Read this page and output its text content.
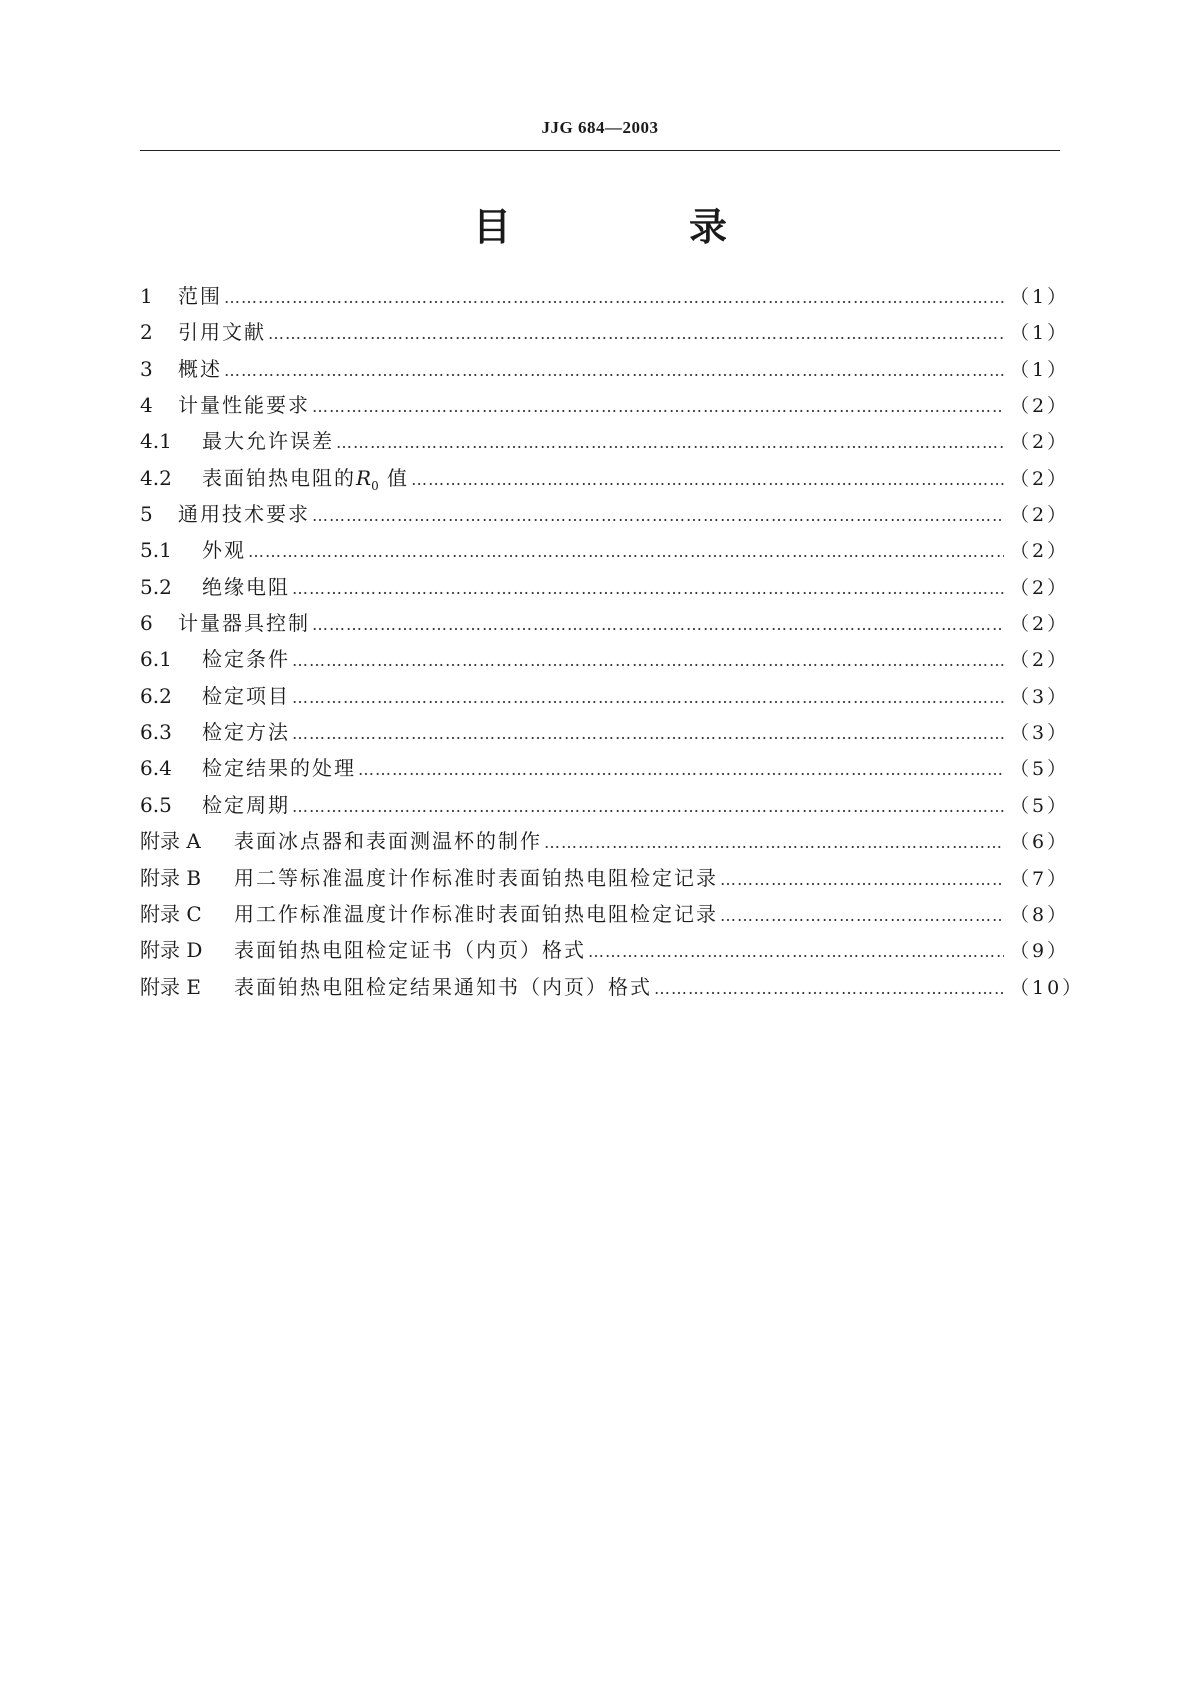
JJG 684—2003
目　录
1	范围 ………………………………………………………………………………………………………………………………………………………………………………………………………………………………………………	（1）
2	引用文献 ………………………………………………………………………………………………………………………………………………………………………………………………………………………………………………	（1）
3	概述 ………………………………………………………………………………………………………………………………………………………………………………………………………………………………………………	（1）
4	计量性能要求 ………………………………………………………………………………………………………………………………………………………………………………………………………………………………………………	（2）
4.1	最大允许误差 ………………………………………………………………………………………………………………………………………………………………………………………………………………………………………………	（2）
4.2	表面铂热电阻的$R_0$ 值 ………………………………………………………………………………………………………………………………………………………………………………………………………………………………………………	（2）
5	通用技术要求 ………………………………………………………………………………………………………………………………………………………………………………………………………………………………………………	（2）
5.1	外观 ………………………………………………………………………………………………………………………………………………………………………………………………………………………………………………	（2）
5.2	绝缘电阻 ………………………………………………………………………………………………………………………………………………………………………………………………………………………………………………	（2）
6	计量器具控制 ………………………………………………………………………………………………………………………………………………………………………………………………………………………………………………	（2）
6.1	检定条件 ………………………………………………………………………………………………………………………………………………………………………………………………………………………………………………	（2）
6.2	检定项目 ………………………………………………………………………………………………………………………………………………………………………………………………………………………………………………	（3）
6.3	检定方法 ………………………………………………………………………………………………………………………………………………………………………………………………………………………………………………	（3）
6.4	检定结果的处理 ………………………………………………………………………………………………………………………………………………………………………………………………………………………………………………	（5）
6.5	检定周期 ………………………………………………………………………………………………………………………………………………………………………………………………………………………………………………	（5）
附录 A	表面冰点器和表面测温杯的制作 ………………………………………………………………………………………………………………………………………………………………………………………………………………………………………………	（6）
附录 B	用二等标准温度计作标准时表面铂热电阻检定记录 ………………………………………………………………………………………………………………………………………………………………………………………………………………………………………………	（7）
附录 C	用工作标准温度计作标准时表面铂热电阻检定记录 ………………………………………………………………………………………………………………………………………………………………………………………………………………………………………………	（8）
附录 D	表面铂热电阻检定证书（内页）格式 ………………………………………………………………………………………………………………………………………………………………………………………………………………………………………………	（9）
附录 E	表面铂热电阻检定结果通知书（内页）格式 ………………………………………………………………………………………………………………………………………………………………………………………………………………………………………………	（10）
